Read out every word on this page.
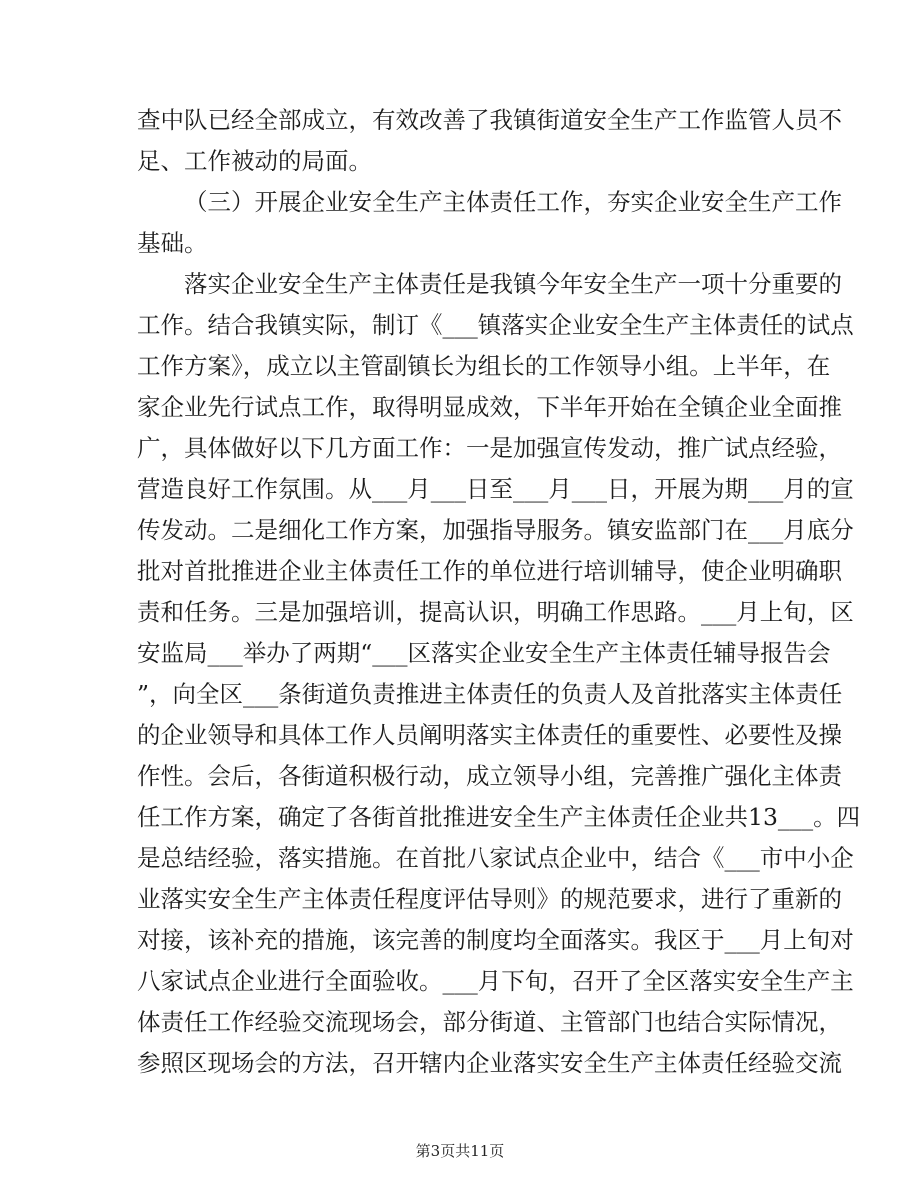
查中队已经全部成立，有效改善了我镇街道安全生产工作监管人员不
足、工作被动的局面。
（三）开展企业安全生产主体责任工作，夯实企业安全生产工作
基础。
落实企业安全生产主体责任是我镇今年安全生产一项十分重要的
工作。结合我镇实际，制订《___镇落实企业安全生产主体责任的试点
工作方案》，成立以主管副镇长为组长的工作领导小组。上半年，在
家企业先行试点工作，取得明显成效，下半年开始在全镇企业全面推
广，具体做好以下几方面工作：一是加强宣传发动，推广试点经验，
营造良好工作氛围。从___月___日至___月___日，开展为期___月的宣
传发动。二是细化工作方案，加强指导服务。镇安监部门在___月底分
批对首批推进企业主体责任工作的单位进行培训辅导，使企业明确职
责和任务。三是加强培训，提高认识，明确工作思路。___月上旬，区
安监局___举办了两期“___区落实企业安全生产主体责任辅导报告会
”，向全区___条街道负责推进主体责任的负责人及首批落实主体责任
的企业领导和具体工作人员阐明落实主体责任的重要性、必要性及操
作性。会后，各街道积极行动，成立领导小组，完善推广强化主体责
任工作方案，确定了各街首批推进安全生产主体责任企业共13___。四
是总结经验，落实措施。在首批八家试点企业中，结合《___市中小企
业落实安全生产主体责任程度评估导则》的规范要求，进行了重新的
对接，该补充的措施，该完善的制度均全面落实。我区于___月上旬对
八家试点企业进行全面验收。___月下旬，召开了全区落实安全生产主
体责任工作经验交流现场会，部分街道、主管部门也结合实际情况，
参照区现场会的方法，召开辖内企业落实安全生产主体责任经验交流
第3页共11页
